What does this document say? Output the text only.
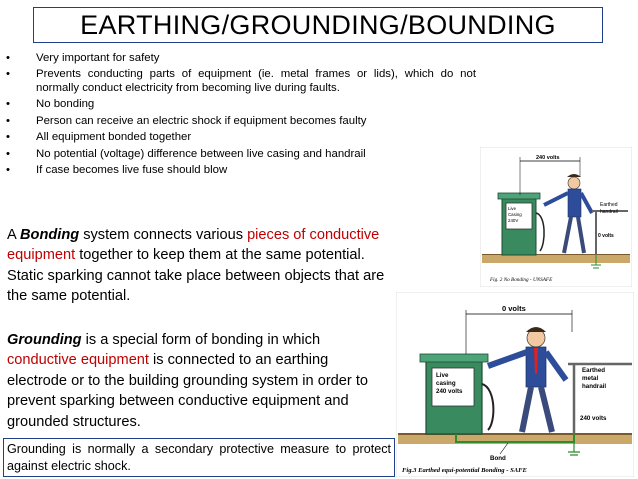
EARTHING/GROUNDING/BOUNDING
• Very important for safety
• Prevents conducting parts of equipment (ie. metal frames or lids), which do not normally conduct electricity from becoming live during faults.
• No bonding
• Person can receive an electric shock if equipment becomes faulty
• All equipment bonded together
• No potential (voltage) difference between live casing and handrail
• If case becomes live fuse should blow
A Bonding system connects various pieces of conductive equipment together to keep them at the same potential. Static sparking cannot take place between objects that are the same potential.
Grounding is a special form of bonding in which conductive equipment is connected to an earthing electrode or to the building grounding system in order to prevent sparking between conductive equipment and grounded structures.
Grounding is normally a secondary protective measure to protect against electric shock.
Live
Casing
240V
240 volts
Earthed
handrail
0 volts
Fig. 2 No Bonding - UNSAFE
Live
casing
240 volts
0 volts
Earthed
metal
handrail
240 volts
Bond
Fig.3 Earthed equi-potential Bonding - SAFE
